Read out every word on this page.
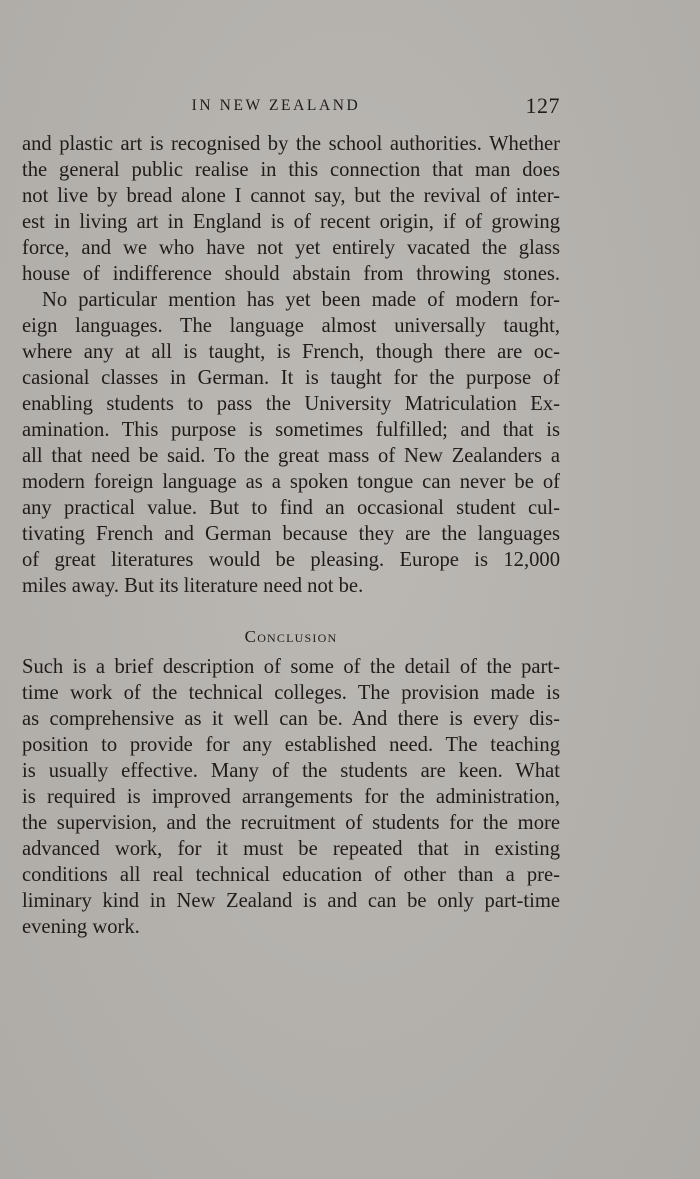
IN NEW ZEALAND	127
and plastic art is recognised by the school authorities. Whether
the general public realise in this connection that man does
not live by bread alone I cannot say, but the revival of inter-
est in living art in England is of recent origin, if of growing
force, and we who have not yet entirely vacated the glass
house of indifference should abstain from throwing stones.
No particular mention has yet been made of modern for-
eign languages. The language almost universally taught,
where any at all is taught, is French, though there are oc-
casional classes in German. It is taught for the purpose of
enabling students to pass the University Matriculation Ex-
amination. This purpose is sometimes fulfilled; and that is
all that need be said. To the great mass of New Zealanders a
modern foreign language as a spoken tongue can never be of
any practical value. But to find an occasional student cul-
tivating French and German because they are the languages
of great literatures would be pleasing. Europe is 12,000
miles away. But its literature need not be.
Conclusion
Such is a brief description of some of the detail of the part-
time work of the technical colleges. The provision made is
as comprehensive as it well can be. And there is every dis-
position to provide for any established need. The teaching
is usually effective. Many of the students are keen. What
is required is improved arrangements for the administration,
the supervision, and the recruitment of students for the more
advanced work, for it must be repeated that in existing
conditions all real technical education of other than a pre-
liminary kind in New Zealand is and can be only part-time
evening work.
